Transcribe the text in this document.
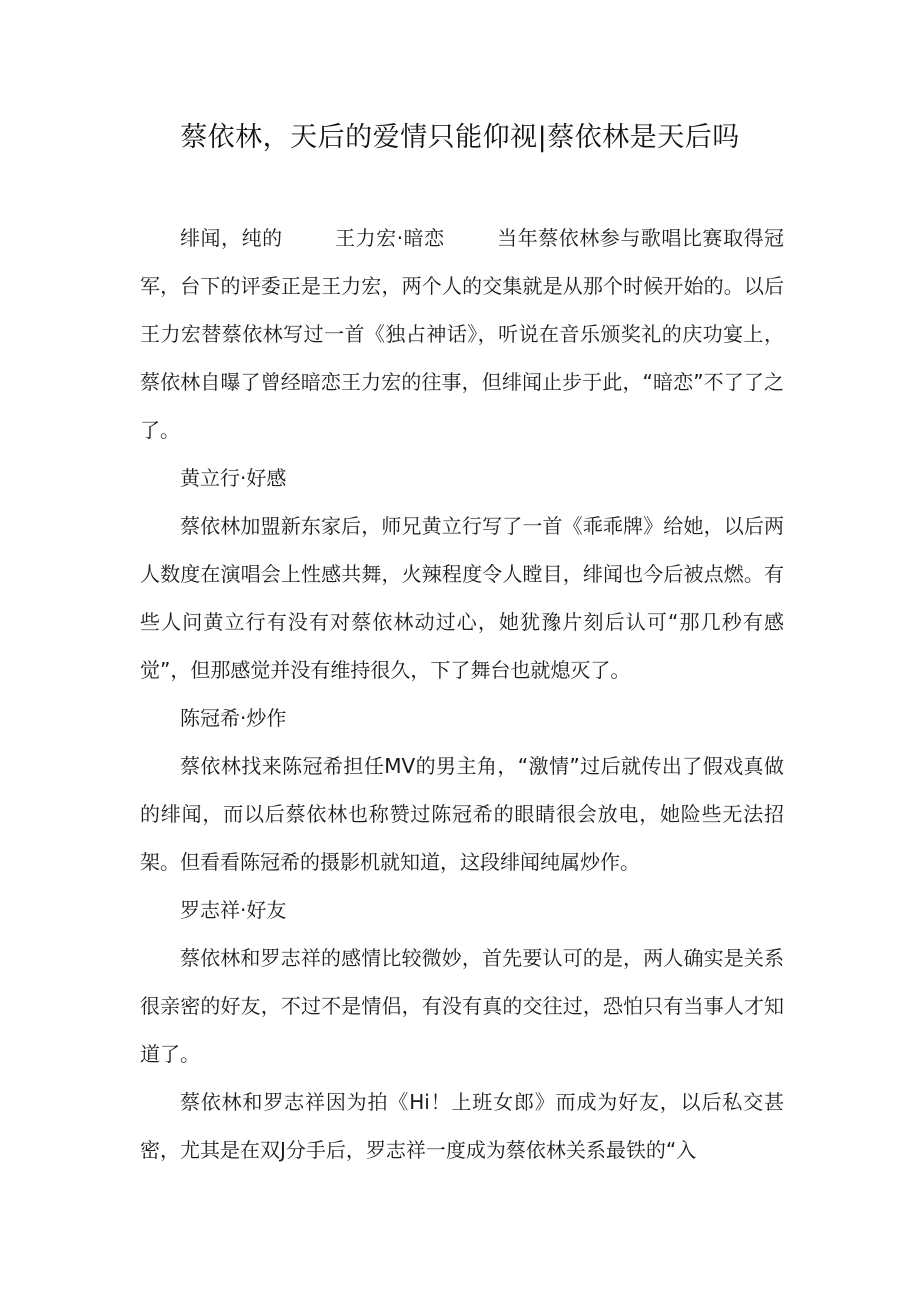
蔡依林，天后的爱情只能仰视|蔡依林是天后吗

绯闻，纯的	王力宏·暗恋	当年蔡依林参与歌唱比赛取得冠军，台下的评委正是王力宏，两个人的交集就是从那个时候开始的。以后王力宏替蔡依林写过一首《独占神话》，听说在音乐颁奖礼的庆功宴上，蔡依林自曝了曾经暗恋王力宏的往事，但绯闻止步于此，“暗恋”不了了之了。

黄立行·好感

蔡依林加盟新东家后，师兄黄立行写了一首《乖乖牌》给她，以后两人数度在演唱会上性感共舞，火辣程度令人瞠目，绯闻也今后被点燃。有些人问黄立行有没有对蔡依林动过心，她犹豫片刻后认可“那几秒有感觉”，但那感觉并没有维持很久，下了舞台也就熄灭了。

陈冠希·炒作

蔡依林找来陈冠希担任MV的男主角，“激情”过后就传出了假戏真做的绯闻，而以后蔡依林也称赞过陈冠希的眼睛很会放电，她险些无法招架。但看看陈冠希的摄影机就知道，这段绯闻纯属炒作。

罗志祥·好友

蔡依林和罗志祥的感情比较微妙，首先要认可的是，两人确实是关系很亲密的好友，不过不是情侣，有没有真的交往过，恐怕只有当事人才知道了。

蔡依林和罗志祥因为拍《Hi！上班女郎》而成为好友，以后私交甚密，尤其是在双J分手后，罗志祥一度成为蔡依林关系最铁的“入
